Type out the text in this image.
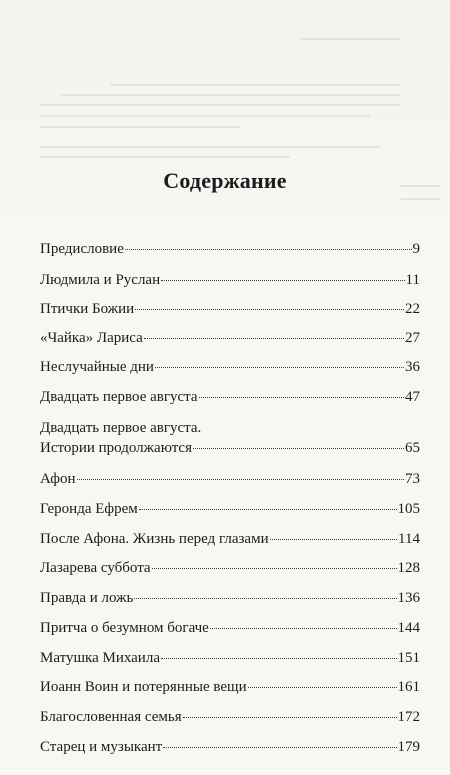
Содержание
Предисловие	9
Людмила и Руслан	11
Птички Божии	22
«Чайка» Лариса	27
Неслучайные дни	36
Двадцать первое августа	47
Двадцать первое августа.
Истории продолжаются	65
Афон	73
Геронда Ефрем	105
После Афона. Жизнь перед глазами	114
Лазарева суббота	128
Правда и ложь	136
Притча о безумном богаче	144
Матушка Михаила	151
Иоанн Воин и потерянные вещи	161
Благословенная семья	172
Старец и музыкант	179
